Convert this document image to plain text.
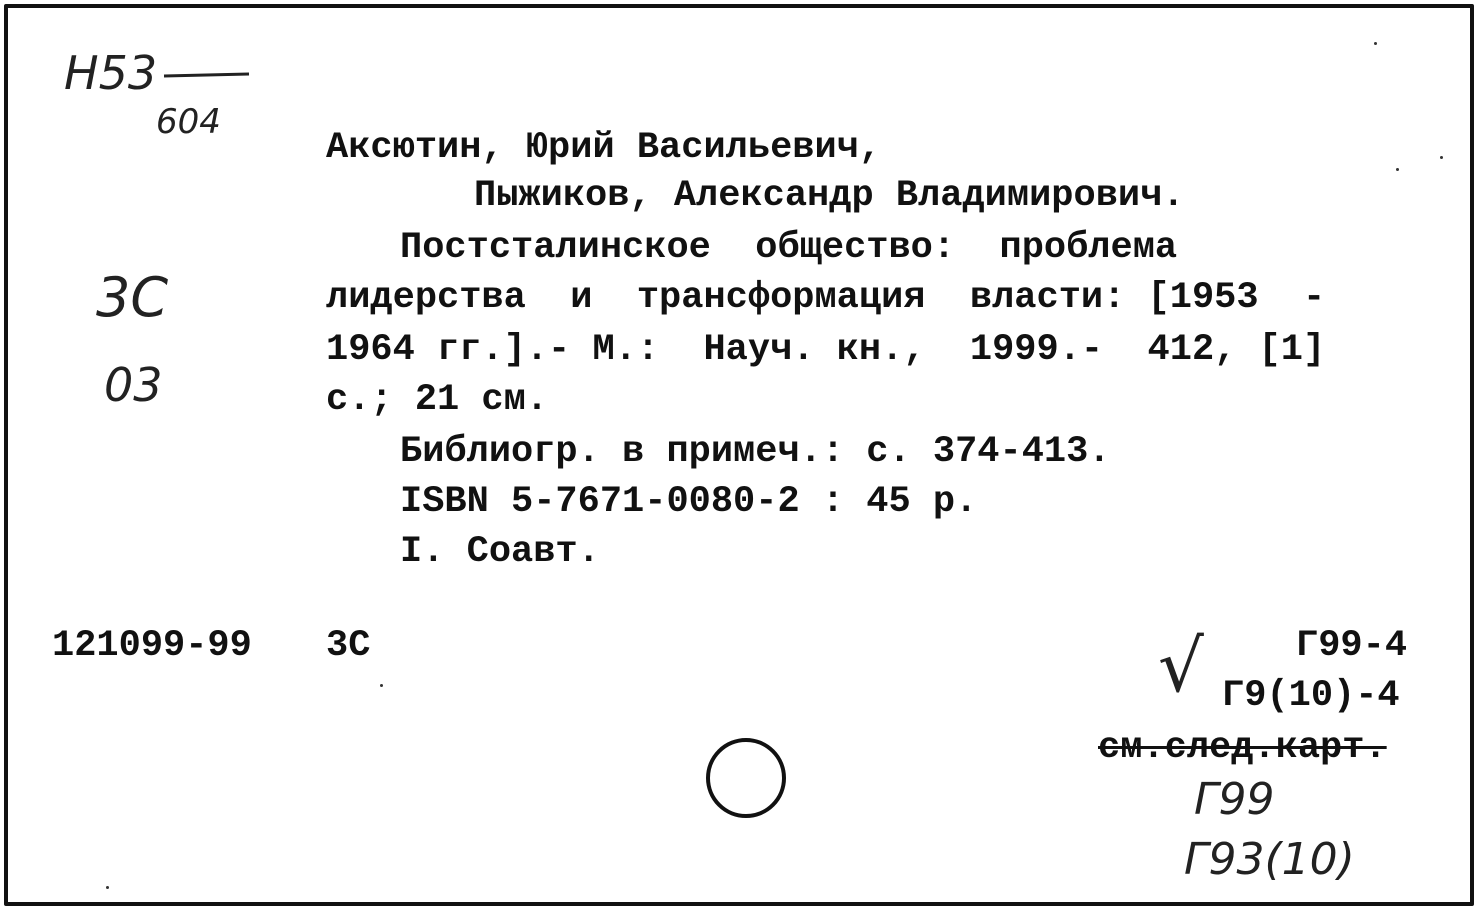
Н53
604
3С
03
Аксютин, Юрий Васильевич,
Пыжиков, Александр Владимирович.
Постсталинское  общество:  проблема
лидерства  и  трансформация  власти: [1953  -
1964 гг.].- М.:  Науч. кн.,  1999.-  412, [1]
с.; 21 см.
Библиогр. в примеч.: с. 374-413.
ISBN 5-7671-0080-2 : 45 р.
I. Соавт.
121099-99 3С	Г99-4
Г9(10)-4
см.след.карт.
√
Г99
Г93(10)
